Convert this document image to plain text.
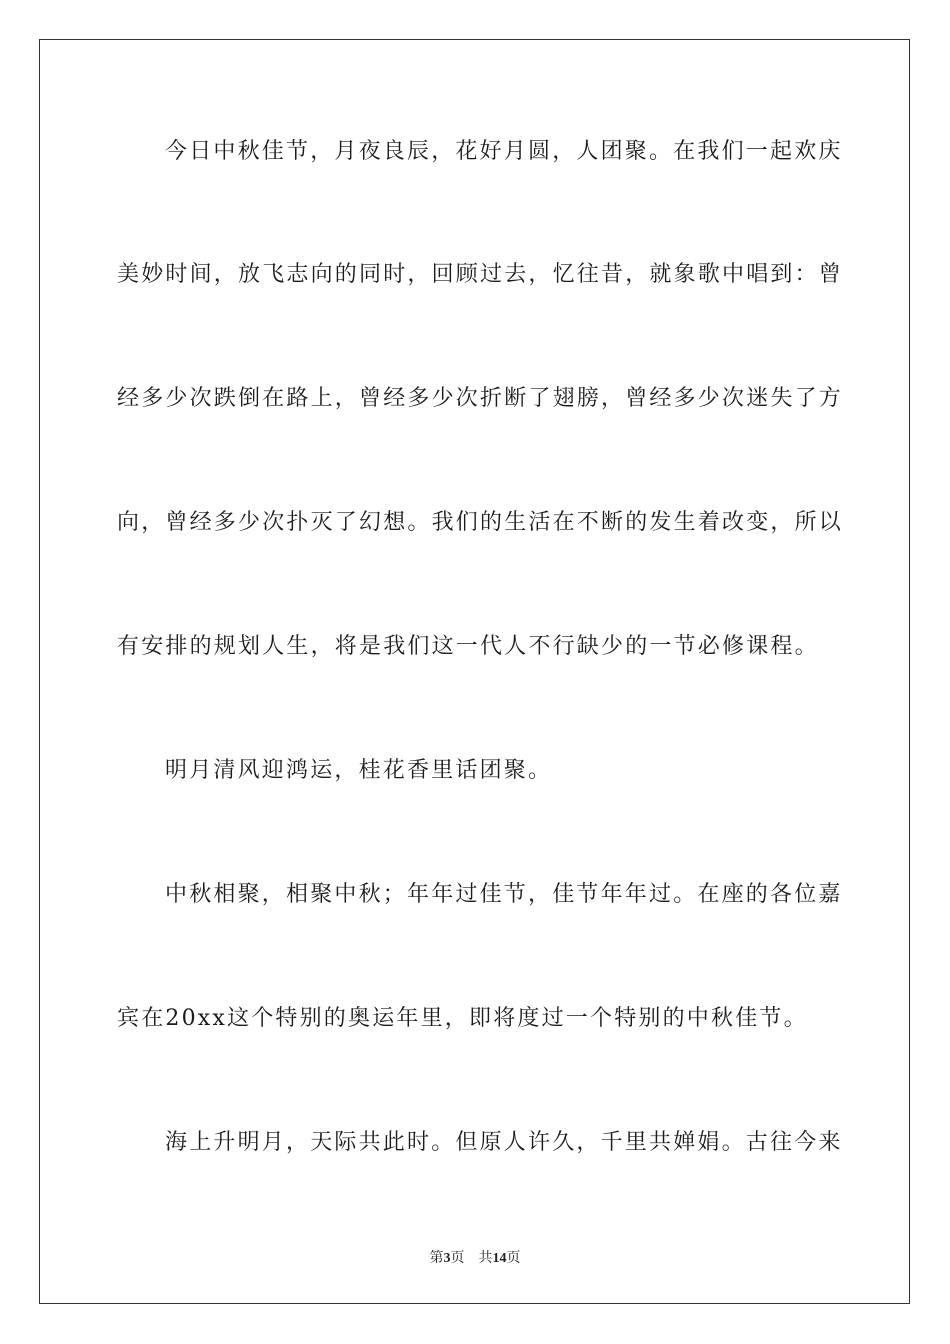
今日中秋佳节，月夜良辰，花好月圆，人团聚。在我们一起欢庆
美妙时间，放飞志向的同时，回顾过去，忆往昔，就象歌中唱到：曾
经多少次跌倒在路上，曾经多少次折断了翅膀，曾经多少次迷失了方
向，曾经多少次扑灭了幻想。我们的生活在不断的发生着改变，所以
有安排的规划人生，将是我们这一代人不行缺少的一节必修课程。
明月清风迎鸿运，桂花香里话团聚。
中秋相聚，相聚中秋；年年过佳节，佳节年年过。在座的各位嘉
宾在20xx这个特别的奥运年里，即将度过一个特别的中秋佳节。
海上升明月，天际共此时。但原人许久，千里共婵娟。古往今来
第3页 共14页
